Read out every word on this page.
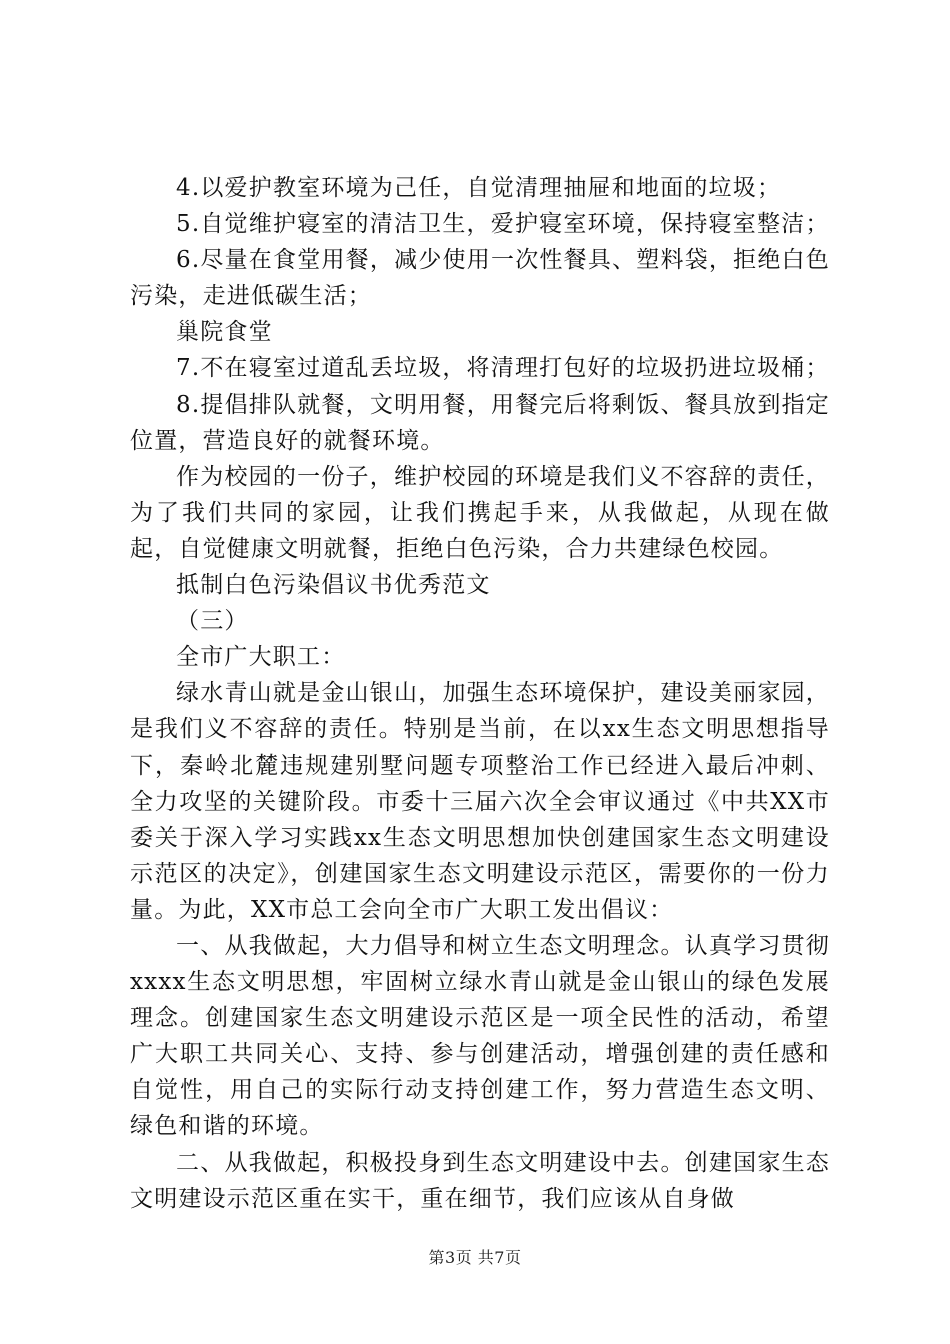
4.以爱护教室环境为己任，自觉清理抽屉和地面的垃圾；

5.自觉维护寝室的清洁卫生，爱护寝室环境，保持寝室整洁；

6.尽量在食堂用餐，减少使用一次性餐具、塑料袋，拒绝白色污染，走进低碳生活；

巢院食堂

7.不在寝室过道乱丢垃圾，将清理打包好的垃圾扔进垃圾桶；

8.提倡排队就餐，文明用餐，用餐完后将剩饭、餐具放到指定位置，营造良好的就餐环境。

作为校园的一份子，维护校园的环境是我们义不容辞的责任，为了我们共同的家园，让我们携起手来，从我做起，从现在做起，自觉健康文明就餐，拒绝白色污染，合力共建绿色校园。

抵制白色污染倡议书优秀范文

（三）

全市广大职工：

绿水青山就是金山银山，加强生态环境保护，建设美丽家园，是我们义不容辞的责任。特别是当前，在以xx生态文明思想指导下，秦岭北麓违规建别墅问题专项整治工作已经进入最后冲刺、全力攻坚的关键阶段。市委十三届六次全会审议通过《中共XX市委关于深入学习实践xx生态文明思想加快创建国家生态文明建设示范区的决定》，创建国家生态文明建设示范区，需要你的一份力量。为此，XX市总工会向全市广大职工发出倡议：

一、从我做起，大力倡导和树立生态文明理念。认真学习贯彻xxxx生态文明思想，牢固树立绿水青山就是金山银山的绿色发展理念。创建国家生态文明建设示范区是一项全民性的活动，希望广大职工共同关心、支持、参与创建活动，增强创建的责任感和自觉性，用自己的实际行动支持创建工作，努力营造生态文明、绿色和谐的环境。

二、从我做起，积极投身到生态文明建设中去。创建国家生态文明建设示范区重在实干，重在细节，我们应该从自身做

第3页 共7页
